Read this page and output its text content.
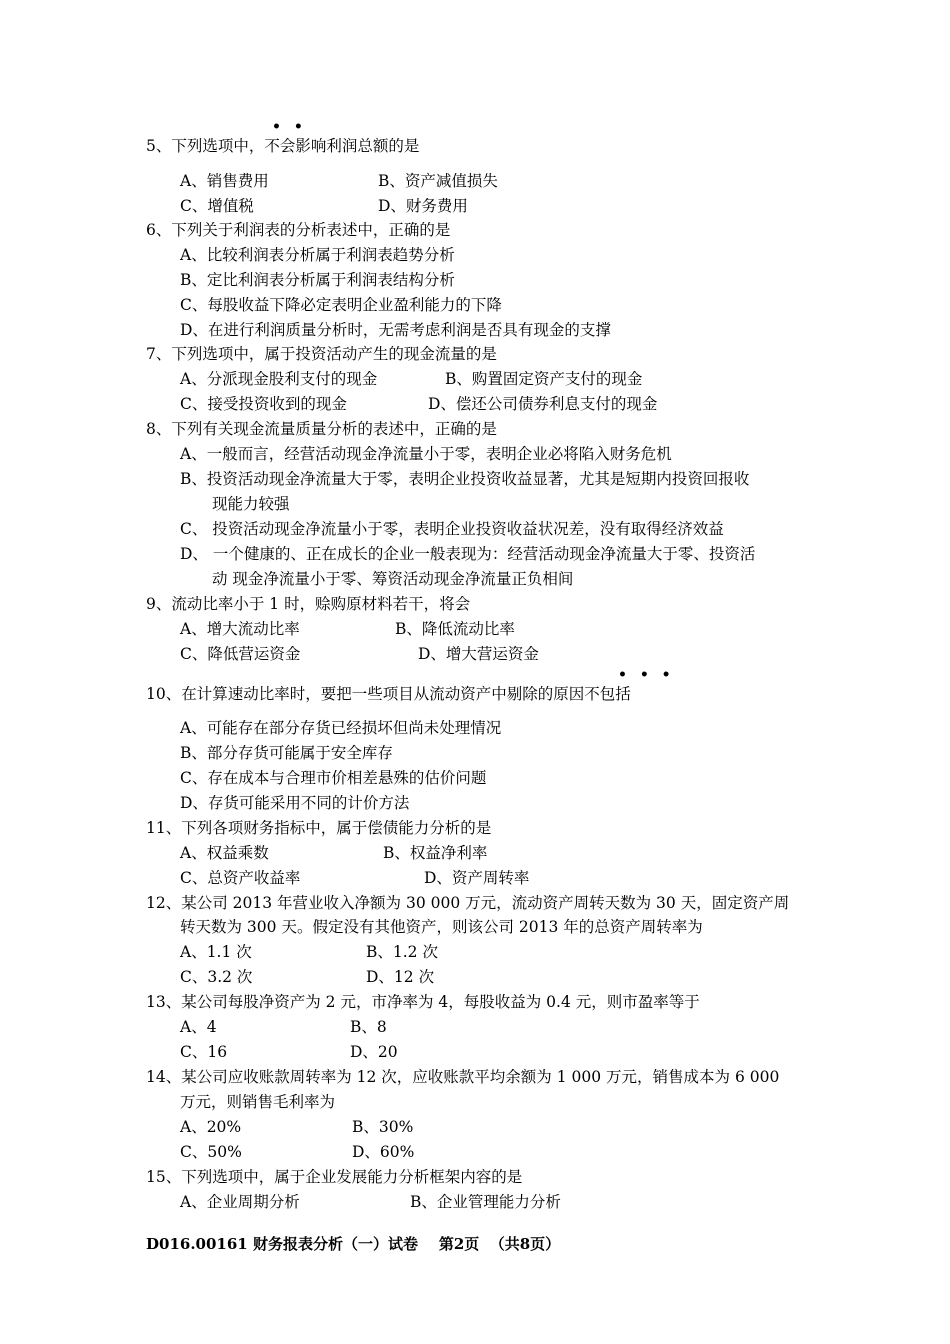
• •
5、下列选项中，不会影响利润总额的是
A、销售费用	B、资产减值损失
C、增值税	D、财务费用
6、下列关于利润表的分析表述中，正确的是
A、比较利润表分析属于利润表趋势分析
B、定比利润表分析属于利润表结构分析
C、每股收益下降必定表明企业盈利能力的下降
D、在进行利润质量分析时，无需考虑利润是否具有现金的支撑
7、下列选项中，属于投资活动产生的现金流量的是
A、分派现金股利支付的现金	B、购置固定资产支付的现金
C、接受投资收到的现金	D、偿还公司债券利息支付的现金
8、下列有关现金流量质量分析的表述中，正确的是
A、一般而言，经营活动现金净流量小于零，表明企业必将陷入财务危机
B、投资活动现金净流量大于零，表明企业投资收益显著，尤其是短期内投资回报收
现能力较强
C、 投资活动现金净流量小于零，表明企业投资收益状况差，没有取得经济效益
D、 一个健康的、正在成长的企业一般表现为：经营活动现金净流量大于零、投资活
动 现金净流量小于零、筹资活动现金净流量正负相间
9、流动比率小于 1 时，赊购原材料若干，将会
A、增大流动比率	B、降低流动比率
C、降低营运资金	D、增大营运资金
• • •
10、在计算速动比率时，要把一些项目从流动资产中剔除的原因不包括
A、可能存在部分存货已经损坏但尚未处理情况
B、部分存货可能属于安全库存
C、存在成本与合理市价相差悬殊的估价问题
D、存货可能采用不同的计价方法
11、下列各项财务指标中，属于偿债能力分析的是
A、权益乘数	B、权益净利率
C、总资产收益率	D、资产周转率
12、某公司 2013 年营业收入净额为 30 000 万元，流动资产周转天数为 30 天，固定资产周
转天数为 300 天。假定没有其他资产，则该公司 2013 年的总资产周转率为
A、1.1 次	B、1.2 次
C、3.2 次	D、12 次
13、某公司每股净资产为 2 元，市净率为 4，每股收益为 0.4 元，则市盈率等于
A、4	B、8
C、16	D、20
14、某公司应收账款周转率为 12 次，应收账款平均余额为 1 000 万元，销售成本为 6 000
万元，则销售毛利率为
A、20%	B、30%
C、50%	D、60%
15、下列选项中，属于企业发展能力分析框架内容的是
A、企业周期分析	B、企业管理能力分析
D016.00161 财务报表分析（一）试卷    第2页  （共8页）
